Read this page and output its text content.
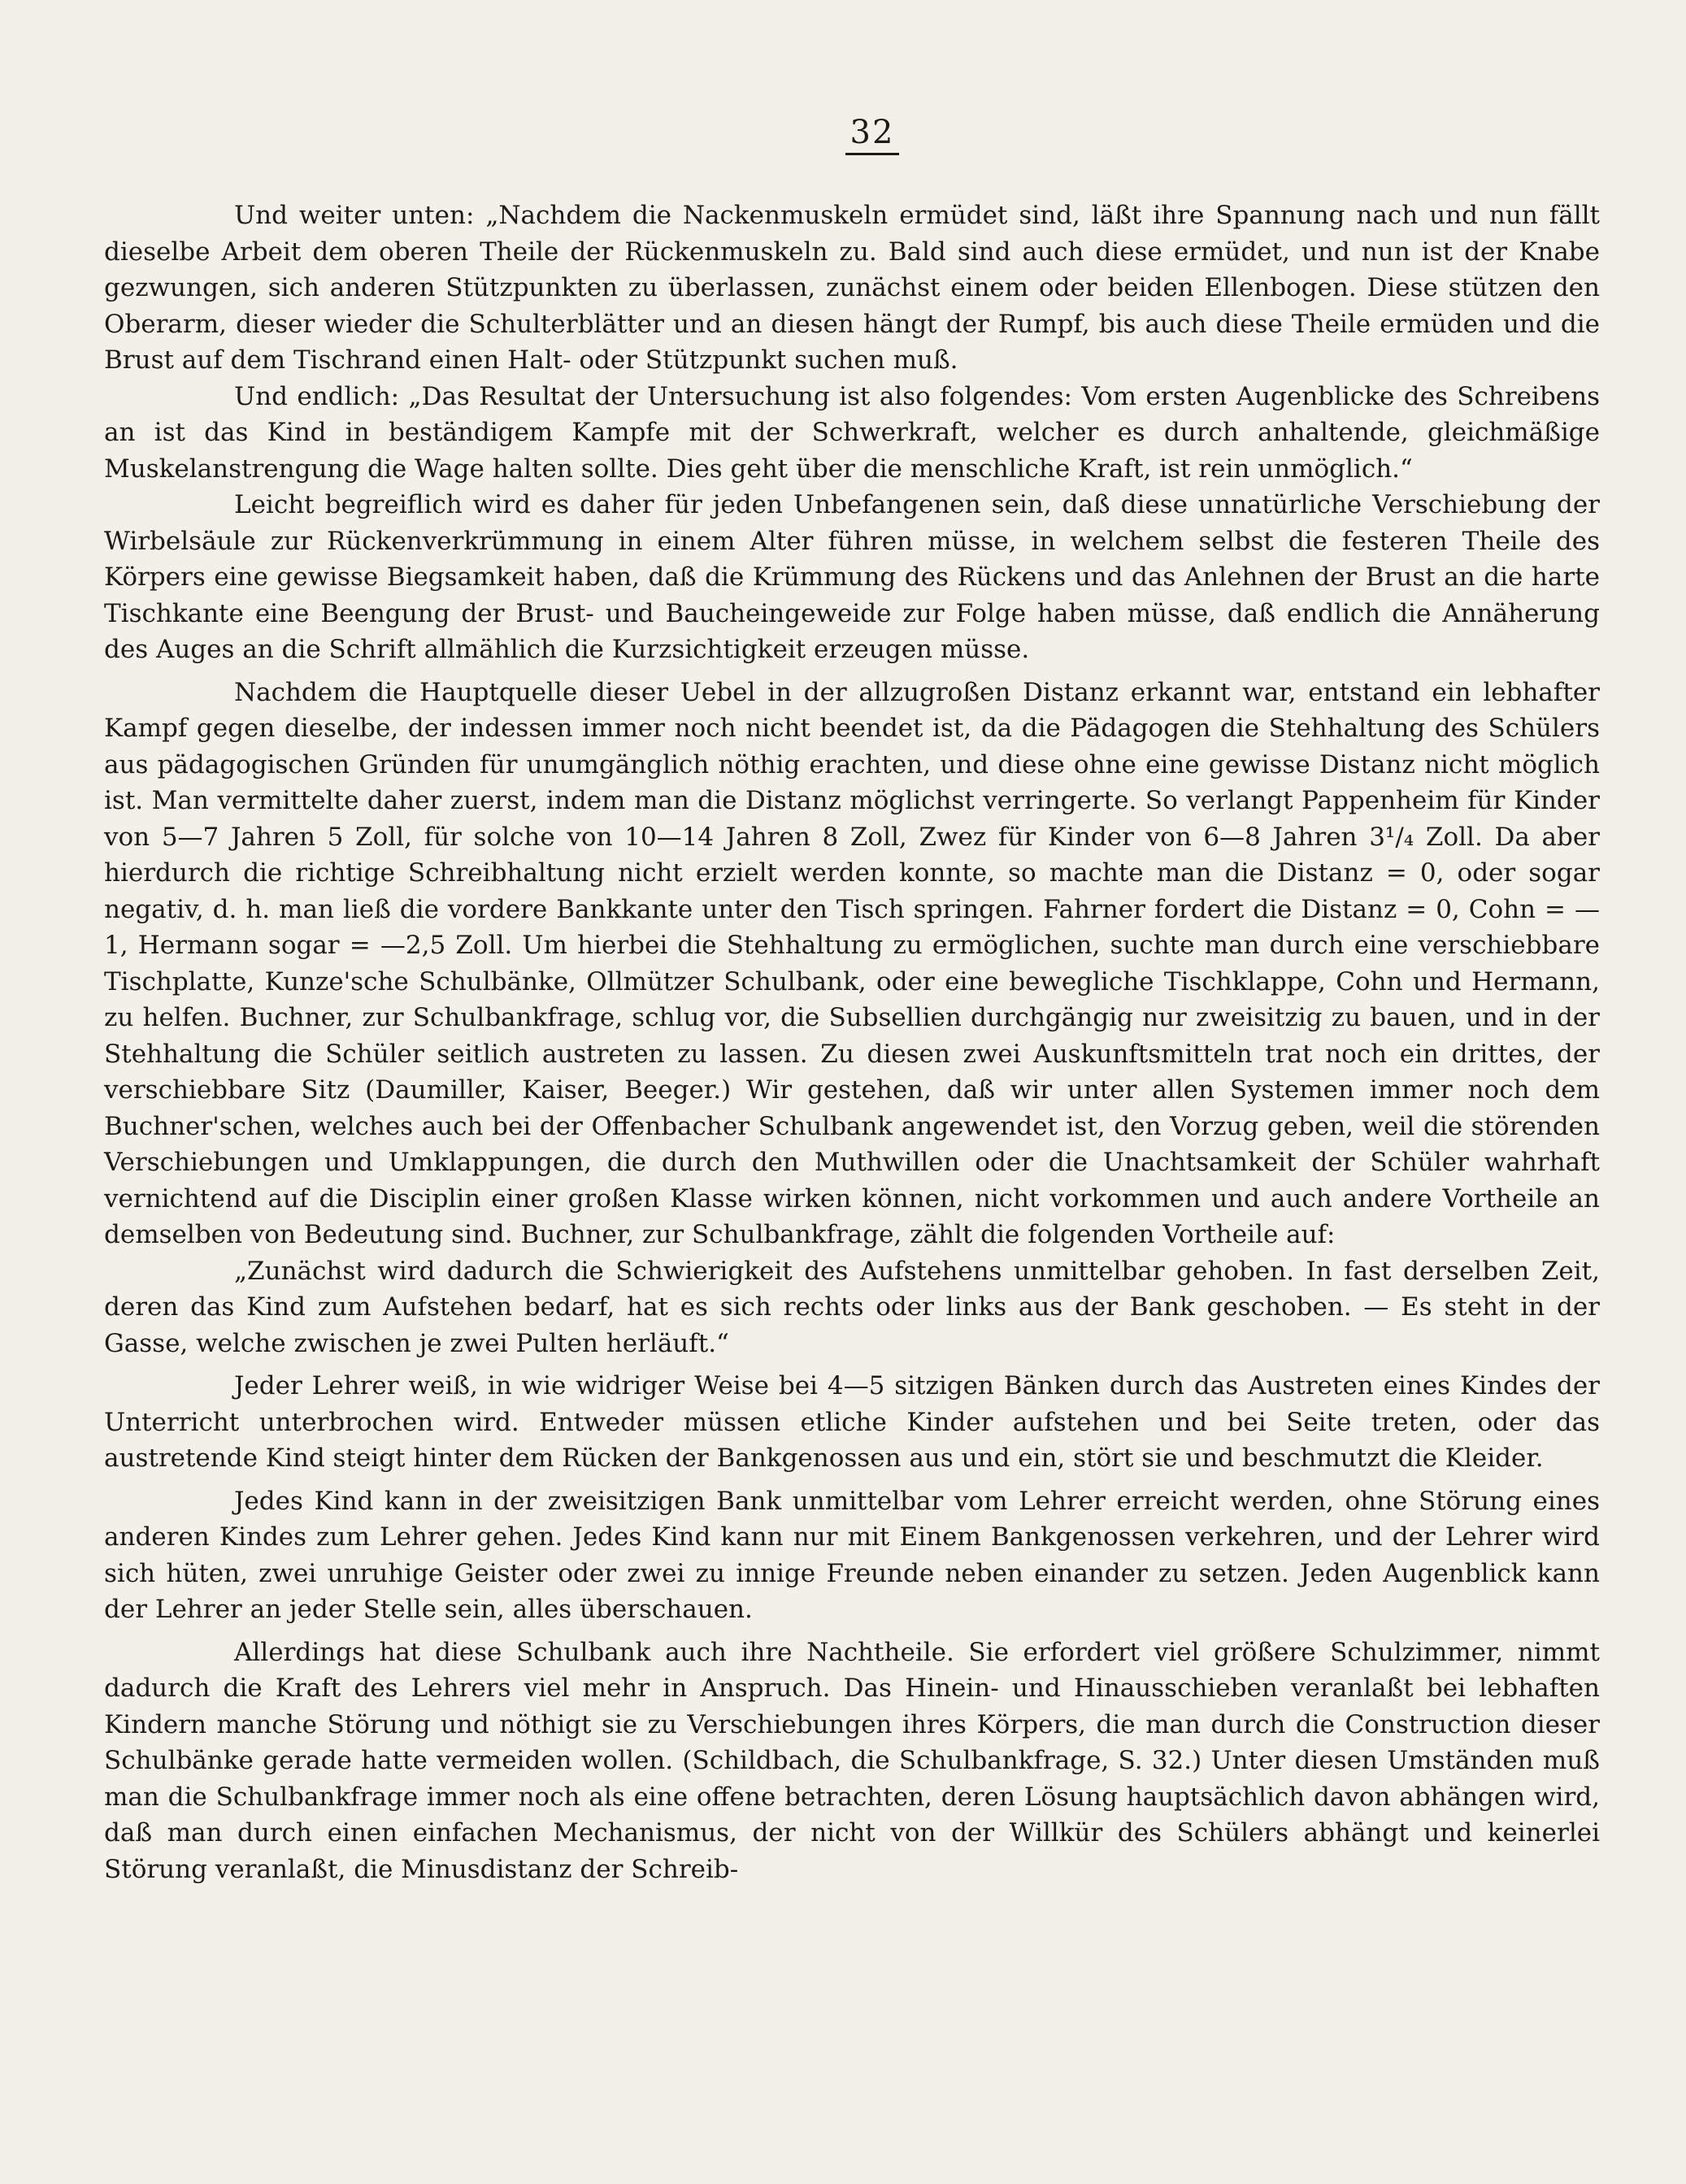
32

Und weiter unten: „Nachdem die Nackenmuskeln ermüdet sind, läßt ihre Spannung nach und nun fällt dieselbe Arbeit dem oberen Theile der Rückenmuskeln zu. Bald sind auch diese ermüdet, und nun ist der Knabe gezwungen, sich anderen Stützpunkten zu überlassen, zunächst einem oder beiden Ellenbogen. Diese stützen den Oberarm, dieser wieder die Schulterblätter und an diesen hängt der Rumpf, bis auch diese Theile ermüden und die Brust auf dem Tischrand einen Halt- oder Stützpunkt suchen muß.

Und endlich: „Das Resultat der Untersuchung ist also folgendes: Vom ersten Augenblicke des Schreibens an ist das Kind in beständigem Kampfe mit der Schwerkraft, welcher es durch anhaltende, gleichmäßige Muskelanstrengung die Wage halten sollte. Dies geht über die menschliche Kraft, ist rein unmöglich.“

Leicht begreiflich wird es daher für jeden Unbefangenen sein, daß diese unnatürliche Verschiebung der Wirbelsäule zur Rückenverkrümmung in einem Alter führen müsse, in welchem selbst die festeren Theile des Körpers eine gewisse Biegsamkeit haben, daß die Krümmung des Rückens und das Anlehnen der Brust an die harte Tischkante eine Beengung der Brust- und Baucheingeweide zur Folge haben müsse, daß endlich die Annäherung des Auges an die Schrift allmählich die Kurzsichtigkeit erzeugen müsse.

Nachdem die Hauptquelle dieser Uebel in der allzugroßen Distanz erkannt war, entstand ein lebhafter Kampf gegen dieselbe, der indessen immer noch nicht beendet ist, da die Pädagogen die Stehhaltung des Schülers aus pädagogischen Gründen für unumgänglich nöthig erachten, und diese ohne eine gewisse Distanz nicht möglich ist. Man vermittelte daher zuerst, indem man die Distanz möglichst verringerte. So verlangt Pappenheim für Kinder von 5—7 Jahren 5 Zoll, für solche von 10—14 Jahren 8 Zoll, Zwez für Kinder von 6—8 Jahren 3¹/₄ Zoll. Da aber hierdurch die richtige Schreibhaltung nicht erzielt werden konnte, so machte man die Distanz = 0, oder sogar negativ, d. h. man ließ die vordere Bankkante unter den Tisch springen. Fahrner fordert die Distanz = 0, Cohn = —1, Hermann sogar = —2,5 Zoll. Um hierbei die Stehhaltung zu ermöglichen, suchte man durch eine verschiebbare Tischplatte, Kunze'sche Schulbänke, Ollmützer Schulbank, oder eine bewegliche Tischklappe, Cohn und Hermann, zu helfen. Buchner, zur Schulbankfrage, schlug vor, die Subsellien durchgängig nur zweisitzig zu bauen, und in der Stehhaltung die Schüler seitlich austreten zu lassen. Zu diesen zwei Auskunftsmitteln trat noch ein drittes, der verschiebbare Sitz (Daumiller, Kaiser, Beeger.) Wir gestehen, daß wir unter allen Systemen immer noch dem Buchner'schen, welches auch bei der Offenbacher Schulbank angewendet ist, den Vorzug geben, weil die störenden Verschiebungen und Umklappungen, die durch den Muthwillen oder die Unachtsamkeit der Schüler wahrhaft vernichtend auf die Disciplin einer großen Klasse wirken können, nicht vorkommen und auch andere Vortheile an demselben von Bedeutung sind. Buchner, zur Schulbankfrage, zählt die folgenden Vortheile auf:

„Zunächst wird dadurch die Schwierigkeit des Aufstehens unmittelbar gehoben. In fast derselben Zeit, deren das Kind zum Aufstehen bedarf, hat es sich rechts oder links aus der Bank geschoben. — Es steht in der Gasse, welche zwischen je zwei Pulten herläuft.“

Jeder Lehrer weiß, in wie widriger Weise bei 4—5 sitzigen Bänken durch das Austreten eines Kindes der Unterricht unterbrochen wird. Entweder müssen etliche Kinder aufstehen und bei Seite treten, oder das austretende Kind steigt hinter dem Rücken der Bankgenossen aus und ein, stört sie und beschmutzt die Kleider.

Jedes Kind kann in der zweisitzigen Bank unmittelbar vom Lehrer erreicht werden, ohne Störung eines anderen Kindes zum Lehrer gehen. Jedes Kind kann nur mit Einem Bankgenossen verkehren, und der Lehrer wird sich hüten, zwei unruhige Geister oder zwei zu innige Freunde neben einander zu setzen. Jeden Augenblick kann der Lehrer an jeder Stelle sein, alles überschauen.

Allerdings hat diese Schulbank auch ihre Nachtheile. Sie erfordert viel größere Schulzimmer, nimmt dadurch die Kraft des Lehrers viel mehr in Anspruch. Das Hinein- und Hinausschieben veranlaßt bei lebhaften Kindern manche Störung und nöthigt sie zu Verschiebungen ihres Körpers, die man durch die Construction dieser Schulbänke gerade hatte vermeiden wollen. (Schildbach, die Schulbankfrage, S. 32.) Unter diesen Umständen muß man die Schulbankfrage immer noch als eine offene betrachten, deren Lösung hauptsächlich davon abhängen wird, daß man durch einen einfachen Mechanismus, der nicht von der Willkür des Schülers abhängt und keinerlei Störung veranlaßt, die Minusdistanz der Schreib-
